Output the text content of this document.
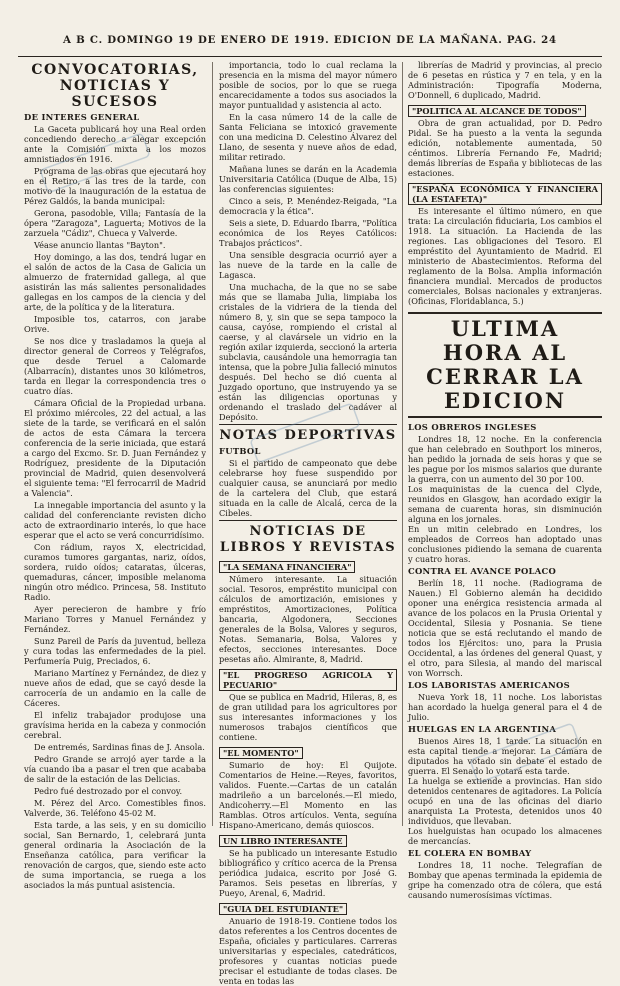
A B C. DOMINGO 19 DE ENERO DE 1919. EDICION DE LA MAÑANA. PAG. 24
CONVOCATORIAS, NOTICIAS Y SUCESOS
DE INTERES GENERAL

La Gaceta publicará hoy una Real orden concediendo derecho a alegar excepción ante la Comisión mixta a los mozos amnistiados en 1916.

Programa de las obras que ejecutará hoy en el Retiro, a las tres de la tarde, con motivo de la inauguración de la estatua de Pérez Galdós, la banda municipal:

Gerona, pasodoble, Villa; Fantasía de la ópera "Zaragoza", Laguerta; Motivos de la zarzuela "Cádiz", Chueca y Valverde.

Véase anuncio llantas "Bayton".

Hoy domingo, a las dos, tendrá lugar en el salón de actos de la Casa de Galicia un almuerzo de fraternidad gallega, al que asistirán las más salientes personalidades gallegas en los campos de la ciencia y del arte, de la política y de la literatura.

Imposible tos, catarros, con jarabe Orive.

Se nos dice y trasladamos la queja al director general de Correos y Telégrafos, que desde Teruel a Calomarde (Albarracín), distantes unos 30 kilómetros, tarda en llegar la correspondencia tres o cuatro días.

Cámara Oficial de la Propiedad urbana. El próximo miércoles, 22 del actual, a las siete de la tarde, se verificará en el salón de actos de esta Cámara la tercera conferencia de la serie iniciada, que estará a cargo del Excmo. Sr. D. Juan Fernández y Rodríguez, presidente de la Diputación provincial de Madrid, quien desenvolverá el siguiente tema: "El ferrocarril de Madrid a Valencia".

La innegable importancia del asunto y la calidad del conferenciante revisten dicho acto de extraordinario interés, lo que hace esperar que el acto se verá concurridísimo.

Con rádium, rayos X, electricidad, curamos tumores gargantas, nariz, oídos, sordera, ruido oídos; cataratas, úlceras, quemaduras, cáncer, imposible melanoma ningún otro médico. Princesa, 58. Instituto Radio.

Ayer perecieron de hambre y frío Mariano Torres y Manuel Fernández y Fernández.

Sunz Pareil de París da juventud, belleza y cura todas las enfermedades de la piel. Perfumería Puig, Preciados, 6.

Mariano Martínez y Fernández, de diez y nueve años de edad, que se cayó desde la carrocería de un andamio en la calle de Cáceres.

El infeliz trabajador produjose una gravísima herida en la cabeza y conmoción cerebral.

De entremés, Sardinas finas de J. Ansola.

Pedro Grande se arrojó ayer tarde a la vía cuando iba a pasar el tren que acababa de salir de la estación de las Delicias.

Pedro fué destrozado por el convoy.

M. Pérez del Arco. Comestibles finos. Valverde, 36. Teléfono 45-02 M.

Esta tarde, a las seis, y en su domicilio social, San Bernardo, 1, celebrará junta general ordinaria la Asociación de la Enseñanza católica, para verificar la renovación de cargos, que, siendo este acto de suma importancia, se ruega a los asociados la más puntual asistencia.

importancia, todo lo cual reclama la presencia en la misma del mayor número posible de socios, por lo que se ruega encarecidamente a todos sus asociados la mayor puntualidad y asistencia al acto.

En la casa número 14 de la calle de Santa Feliciana se intoxicó gravemente con una medicina D. Celestino Álvarez del Llano, de sesenta y nueve años de edad, militar retirado.

Mañana lunes se darán en la Academia Universitaria Católica (Duque de Alba, 15) las conferencias siguientes:

Cinco a seis, P. Menéndez-Reigada, "La democracia y la ética".

Seis a siete, D. Eduardo Ibarra, "Política económica de los Reyes Católicos: Trabajos prácticos".

Una sensible desgracia ocurrió ayer a las nueve de la tarde en la calle de Lagasca.

Una muchacha, de la que no se sabe más que se llamaba Julia, limpiaba los cristales de la vidriera de la tienda del número 8, y, sin que se sepa tampoco la causa, cayóse, rompiendo el cristal al caerse, y al clavársele un vidrio en la región axilar izquierda, seccionó la arteria subclavia, causándole una hemorragia tan intensa, que la pobre Julia falleció minutos después. Del hecho se dió cuenta al Juzgado oportuno, que instruyendo ya se están las diligencias oportunas y ordenando el traslado del cadáver al Depósito.

NOTAS DEPORTIVAS
FUTBOL

Si el partido de campeonato que debe celebrarse hoy fuese suspendido por cualquier causa, se anunciará por medio de la cartelera del Club, que estará situada en la calle de Alcalá, cerca de la Cibeles.

NOTICIAS DE LIBROS Y REVISTAS
"LA SEMANA FINANCIERA"

Número interesante. La situación social. Tesoros, empréstito municipal con cálculos de amortización, emisiones y empréstitos, Amortizaciones, Política bancaria, Algodonera, Secciones generales de la Bolsa, Valores y seguros, Notas. Semanaria, Bolsa, Valores y efectos, secciones interesantes. Doce pesetas año. Almirante, 8, Madrid.

"EL PROGRESO AGRICOLA Y PECUARIO"

Que se publica en Madrid, Hileras, 8, es de gran utilidad para los agricultores por sus interesantes informaciones y los numerosos trabajos científicos que contiene.

"EL MOMENTO"

Sumario de hoy: El Quijote. Comentarios de Heine.—Reyes, favoritos, validos. Fuente.—Cartas de un catalán madrileño a un barcelonés.—El miedo, Andicoherry.—El Momento en las Ramblas. Otros artículos. Venta, seguína Hispano-Americano, demás quioscos.

UN LIBRO INTERESANTE

Se ha publicado un interesante Estudio bibliográfico y crítico acerca de la Prensa periódica judaica, escrito por José G. Paramos. Seis pesetas en librerías, y Pueyo, Arenal, 6, Madrid.

"GUIA DEL ESTUDIANTE"

Anuario de 1918-19. Contiene todos los datos referentes a los Centros docentes de España, oficiales y particulares. Carreras universitarias y especiales, catedráticos, profesores y cuantas noticias puede precisar el estudiante de todas clases. De venta en todas las

librerías de Madrid y provincias, al precio de 6 pesetas en rústica y 7 en tela, y en la Administración: Tipografía Moderna, O'Donnell, 6 duplicado, Madrid.

"POLITICA AL ALCANCE DE TODOS"

Obra de gran actualidad, por D. Pedro Pidal. Se ha puesto a la venta la segunda edición, notablemente aumentada, 50 céntimos. Librería Fernando Fe, Madrid; demás librerías de España y bibliotecas de las estaciones.

"ESPAÑA ECONÓMICA Y FINANCIERA (LA ESTAFETA)"

Es interesante el último número, en que trata: La circulación fiduciaria, Los cambios el 1918. La situación. La Hacienda de las regiones. Las obligaciones del Tesoro. El empréstito del Ayuntamiento de Madrid. El ministerio de Abastecimientos. Reforma del reglamento de la Bolsa. Amplia información financiera mundial. Mercados de productos comerciales, Bolsas nacionales y extranjeras. (Oficinas, Floridablanca, 5.)

ULTIMA HORA AL CERRAR LA EDICION
LOS OBREROS INGLESES

Londres 18, 12 noche. En la conferencia que han celebrado en Southport los mineros, han pedido la jornada de seis horas y que se les pague por los mismos salarios que durante la guerra, con un aumento del 30 por 100.
Los maquinistas de la cuenca del Clyde, reunidos en Glasgow, han acordado exigir la semana de cuarenta horas, sin disminución alguna en los jornales.
En un mitin celebrado en Londres, los empleados de Correos han adoptado unas conclusiones pidiendo la semana de cuarenta y cuatro horas.

CONTRA EL AVANCE POLACO

Berlín 18, 11 noche. (Radiograma de Nauen.) El Gobierno alemán ha decidido oponer una enérgica resistencia armada al avance de los polacos en la Prusia Oriental y Occidental, Silesia y Posnania. Se tiene noticia que se está reclutando el mando de todos los Ejércitos: uno, para la Prusia Occidental, a las órdenes del general Quast, y el otro, para Silesia, al mando del mariscal von Worrsch.

LOS LABORISTAS AMERICANOS

Nueva York 18, 11 noche. Los laboristas han acordado la huelga general para el 4 de Julio.

HUELGAS EN LA ARGENTINA

Buenos Aires 18, 1 tarde. La situación en esta capital tiende a mejorar. La Cámara de diputados ha votado sin debate el estado de guerra. El Senado lo votará esta tarde.
La huelga se extiende a provincias. Han sido detenidos centenares de agitadores. La Policía ocupó en una de las oficinas del diario anarquista La Protesta, detenidos unos 40 individuos, que llevaban.
Los huelguistas han ocupado los almacenes de mercancías.

EL COLERA EN BOMBAY

Londres 18, 11 noche. Telegrafían de Bombay que apenas terminada la epidemia de gripe ha comenzado otra de cólera, que está causando numerosísimas víctimas.
